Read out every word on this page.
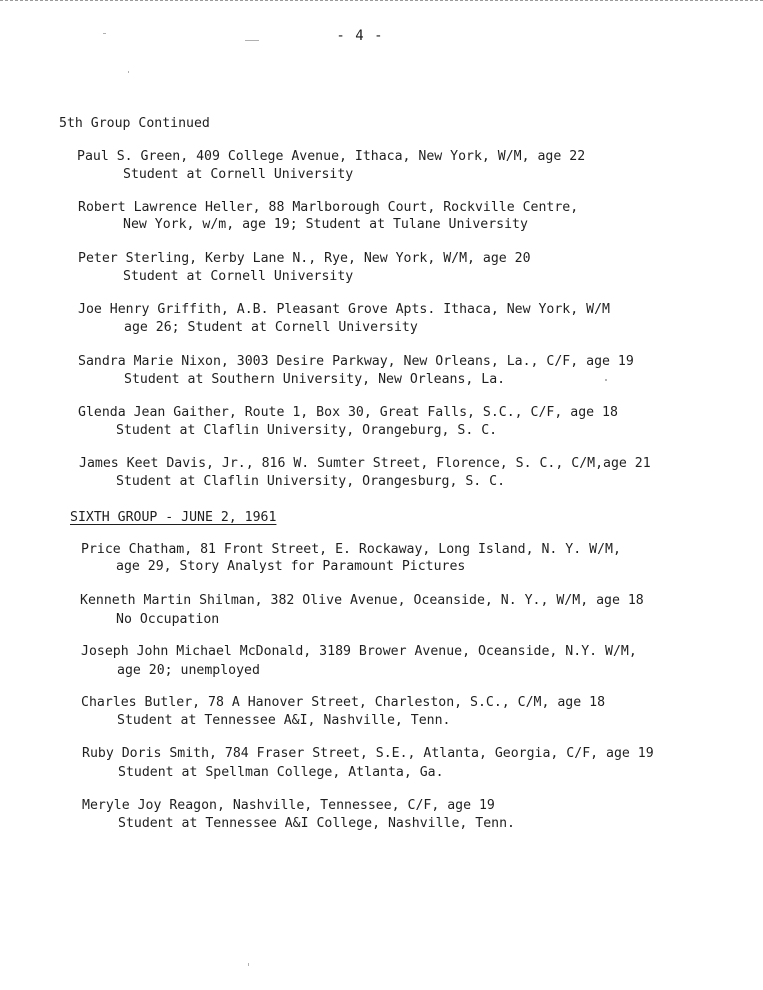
- 4 -
5th Group Continued
Paul S. Green, 409 College Avenue, Ithaca, New York, W/M, age 22
Student at Cornell University
Robert Lawrence Heller, 88 Marlborough Court, Rockville Centre,
New York, w/m, age 19; Student at Tulane University
Peter Sterling, Kerby Lane N., Rye, New York, W/M, age 20
Student at Cornell University
Joe Henry Griffith, A.B. Pleasant Grove Apts. Ithaca, New York, W/M
age 26; Student at Cornell University
Sandra Marie Nixon, 3003 Desire Parkway, New Orleans, La., C/F, age 19
Student at Southern University, New Orleans, La.
Glenda Jean Gaither, Route 1, Box 30, Great Falls, S.C., C/F, age 18
Student at Claflin University, Orangeburg, S. C.
James Keet Davis, Jr., 816 W. Sumter Street, Florence, S. C., C/M,age 21
Student at Claflin University, Orangesburg, S. C.
SIXTH GROUP - JUNE 2, 1961
Price Chatham, 81 Front Street, E. Rockaway, Long Island, N. Y. W/M,
age 29, Story Analyst for Paramount Pictures
Kenneth Martin Shilman, 382 Olive Avenue, Oceanside, N. Y., W/M, age 18
No Occupation
Joseph John Michael McDonald, 3189 Brower Avenue, Oceanside, N.Y. W/M,
age 20; unemployed
Charles Butler, 78 A Hanover Street, Charleston, S.C., C/M, age 18
Student at Tennessee A&I, Nashville, Tenn.
Ruby Doris Smith, 784 Fraser Street, S.E., Atlanta, Georgia, C/F, age 19
Student at Spellman College, Atlanta, Ga.
Meryle Joy Reagon, Nashville, Tennessee, C/F, age 19
Student at Tennessee A&I College, Nashville, Tenn.
